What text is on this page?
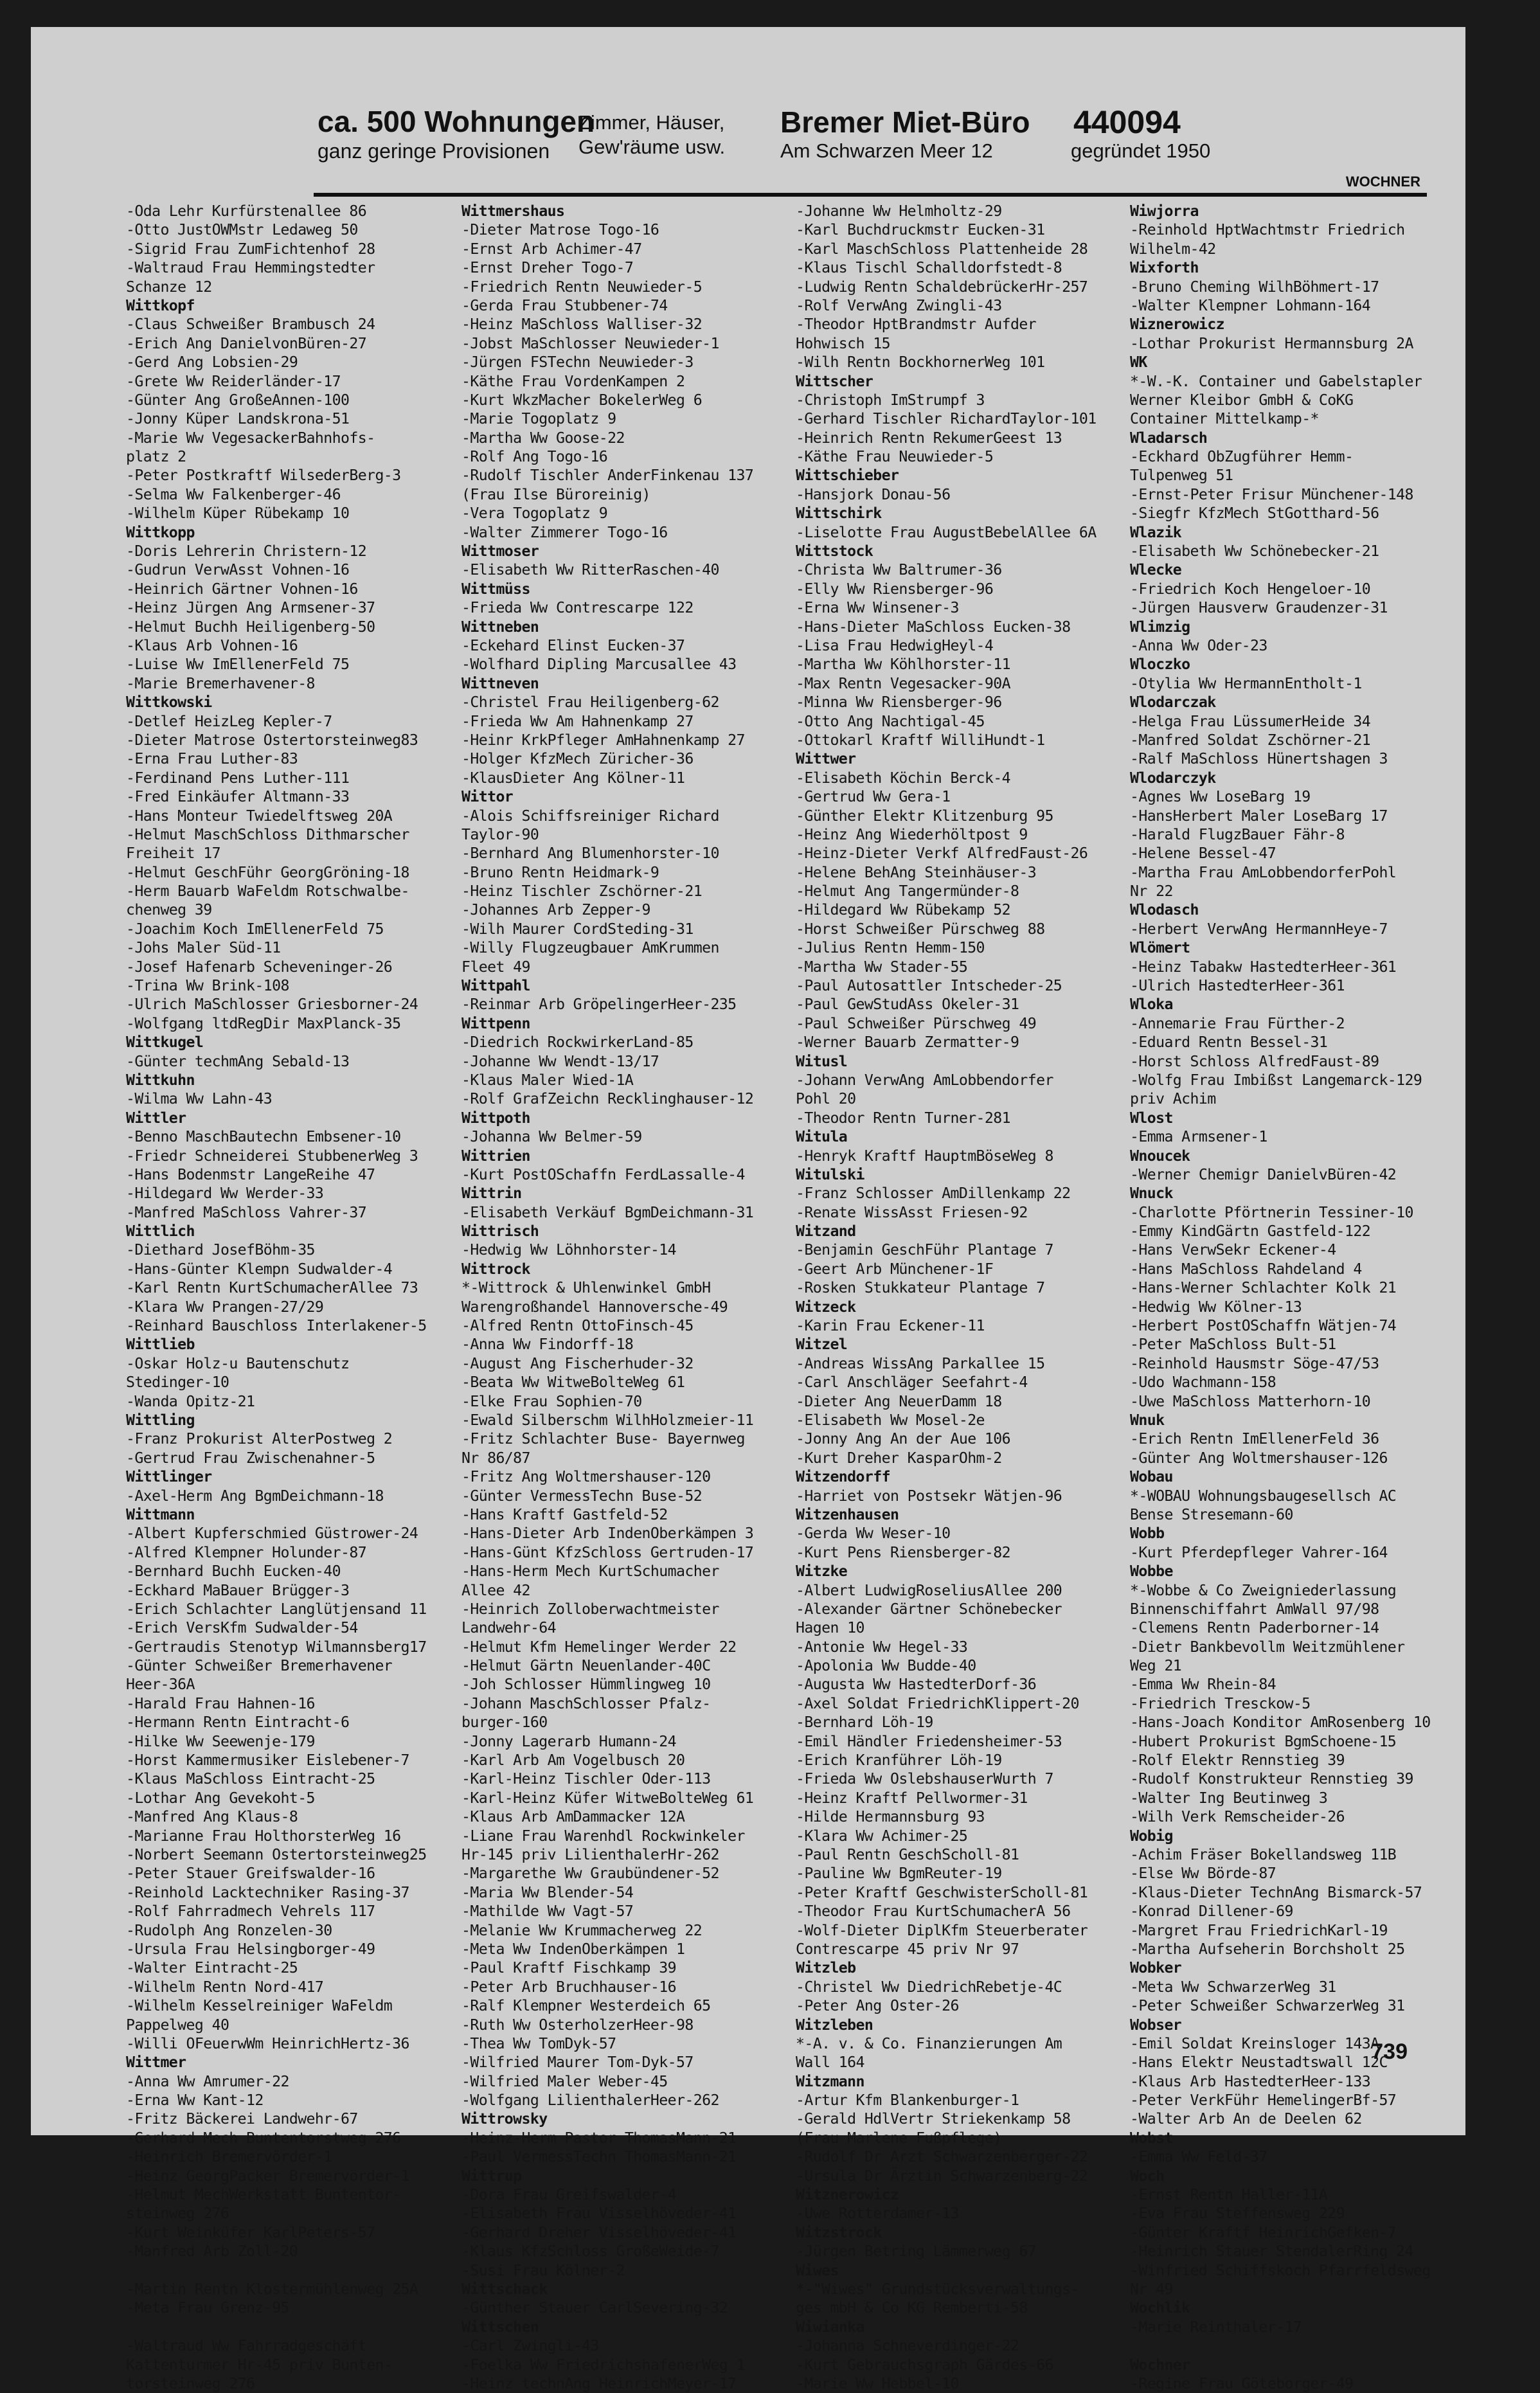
ca. 500 Wohnungen
ganz geringe Provisionen
Zimmer, Häuser,
Gew'räume usw.
Bremer Miet-Büro
Am Schwarzen Meer 12
440094
gegründet 1950
WOCHNER
-Oda Lehr Kurfürstenallee 86
-Otto JustOWMstr Ledaweg 50
-Sigrid Frau ZumFichtenhof 28
-Waltraud Frau Hemmingstedter
Schanze 12
Wittkopf
-Claus Schweißer Brambusch 24
-Erich Ang DanielvonBüren-27
-Gerd Ang Lobsien-29
-Grete Ww Reiderländer-17
-Günter Ang GroßeAnnen-100
-Jonny Küper Landskrona-51
-Marie Ww VegesackerBahnhofs-
platz 2
-Peter Postkraftf WilsederBerg-3
-Selma Ww Falkenberger-46
-Wilhelm Küper Rübekamp 10
Wittkopp
-Doris Lehrerin Christern-12
-Gudrun VerwAsst Vohnen-16
-Heinrich Gärtner Vohnen-16
-Heinz Jürgen Ang Armsener-37
-Helmut Buchh Heiligenberg-50
-Klaus Arb Vohnen-16
-Luise Ww ImEllenerFeld 75
-Marie Bremerhavener-8
Wittkowski
-Detlef HeizLeg Kepler-7
-Dieter Matrose Ostertorsteinweg83
-Erna Frau Luther-83
-Ferdinand Pens Luther-111
-Fred Einkäufer Altmann-33
-Hans Monteur Twiedelftsweg 20A
-Helmut MaschSchloss Dithmarscher
Freiheit 17
-Helmut GeschFühr GeorgGröning-18
-Herm Bauarb WaFeldm Rotschwalbe-
chenweg 39
-Joachim Koch ImEllenerFeld 75
-Johs Maler Süd-11
-Josef Hafenarb Scheveninger-26
-Trina Ww Brink-108
-Ulrich MaSchlosser Griesborner-24
-Wolfgang ltdRegDir MaxPlanck-35
Wittkugel
-Günter techmAng Sebald-13
Wittkuhn
-Wilma Ww Lahn-43
Wittler
-Benno MaschBautechn Embsener-10
-Friedr Schneiderei StubbenerWeg 3
-Hans Bodenmstr LangeReihe 47
-Hildegard Ww Werder-33
-Manfred MaSchloss Vahrer-37
Wittlich
-Diethard JosefBöhm-35
-Hans-Günter Klempn Sudwalder-4
-Karl Rentn KurtSchumacherAllee 73
-Klara Ww Prangen-27/29
-Reinhard Bauschloss Interlakener-5
Wittlieb
-Oskar Holz-u Bautenschutz
Stedinger-10
-Wanda Opitz-21
Wittling
-Franz Prokurist AlterPostweg 2
-Gertrud Frau Zwischenahner-5
Wittlinger
-Axel-Herm Ang BgmDeichmann-18
Wittmann
-Albert Kupferschmied Güstrower-24
-Alfred Klempner Holunder-87
-Bernhard Buchh Eucken-40
-Eckhard MaBauer Brügger-3
-Erich Schlachter Langlütjensand 11
-Erich VersKfm Sudwalder-54
-Gertraudis Stenotyp Wilmannsberg17
-Günter Schweißer Bremerhavener
Heer-36A
-Harald Frau Hahnen-16
-Hermann Rentn Eintracht-6
-Hilke Ww Seewenje-179
-Horst Kammermusiker Eislebener-7
-Klaus MaSchloss Eintracht-25
-Lothar Ang Gevekoht-5
-Manfred Ang Klaus-8
-Marianne Frau HolthorsterWeg 16
-Norbert Seemann Ostertorsteinweg25
-Peter Stauer Greifswalder-16
-Reinhold Lacktechniker Rasing-37
-Rolf Fahrradmech Vehrels 117
-Rudolph Ang Ronzelen-30
-Ursula Frau Helsingborger-49
-Walter Eintracht-25
-Wilhelm Rentn Nord-417
-Wilhelm Kesselreiniger WaFeldm
Pappelweg 40
-Willi OFeuerwWm HeinrichHertz-36
Wittmer
-Anna Ww Amrumer-22
-Erna Ww Kant-12
-Fritz Bäckerei Landwehr-67
-Gerhard Mech Buntentorstweg 276
-Heinrich Bremervörder-1
-Heinz GeorgPacker Bremervörder-1
-Helmut MechWerkstatt Buntentor-
steinweg 276
-Kurt Weinküfer KarlPeters-57
-Manfred Arb Zoll-20
-Martin Rentn Klostermühlenweg 25A
-Meta Frau Grenz-95
-Waltraud Ww Fahrradgeschäft
Kattenturmer Hr-45 priv Bunten-
torsteinweg 276
Wittmershaus
-Dieter Matrose Togo-16
-Ernst Arb Achimer-47
-Ernst Dreher Togo-7
-Friedrich Rentn Neuwieder-5
-Gerda Frau Stubbener-74
-Heinz MaSchloss Walliser-32
-Jobst MaSchlosser Neuwieder-1
-Jürgen FSTechn Neuwieder-3
-Käthe Frau VordenKampen 2
-Kurt WkzMacher BokelerWeg 6
-Marie Togoplatz 9
-Martha Ww Goose-22
-Rolf Ang Togo-16
-Rudolf Tischler AnderFinkenau 137
(Frau Ilse Büroreinig)
-Vera Togoplatz 9
-Walter Zimmerer Togo-16
Wittmoser
-Elisabeth Ww RitterRaschen-40
Wittmüss
-Frieda Ww Contrescarpe 122
Wittneben
-Eckehard Elinst Eucken-37
-Wolfhard Dipling Marcusallee 43
Wittneven
-Christel Frau Heiligenberg-62
-Frieda Ww Am Hahnenkamp 27
-Heinr KrkPfleger AmHahnenkamp 27
-Holger KfzMech Züricher-36
-KlausDieter Ang Kölner-11
Wittor
-Alois Schiffsreiniger Richard
Taylor-90
-Bernhard Ang Blumenhorster-10
-Bruno Rentn Heidmark-9
-Heinz Tischler Zschörner-21
-Johannes Arb Zepper-9
-Wilh Maurer CordSteding-31
-Willy Flugzeugbauer AmKrummen
Fleet 49
Wittpahl
-Reinmar Arb GröpelingerHeer-235
Wittpenn
-Diedrich RockwirkerLand-85
-Johanne Ww Wendt-13/17
-Klaus Maler Wied-1A
-Rolf GrafZeichn Recklinghauser-12
Wittpoth
-Johanna Ww Belmer-59
Wittrien
-Kurt PostOSchaffn FerdLassalle-4
Wittrin
-Elisabeth Verkäuf BgmDeichmann-31
Wittrisch
-Hedwig Ww Löhnhorster-14
Wittrock
*-Wittrock & Uhlenwinkel GmbH
Warengroßhandel Hannoversche-49
-Alfred Rentn OttoFinsch-45
-Anna Ww Findorff-18
-August Ang Fischerhuder-32
-Beata Ww WitweBolteWeg 61
-Elke Frau Sophien-70
-Ewald Silberschm WilhHolzmeier-11
-Fritz Schlachter Buse- Bayernweg
Nr 86/87
-Fritz Ang Woltmershauser-120
-Günter VermessTechn Buse-52
-Hans Kraftf Gastfeld-52
-Hans-Dieter Arb IndenOberkämpen 3
-Hans-Günt KfzSchloss Gertruden-17
-Hans-Herm Mech KurtSchumacher
Allee 42
-Heinrich Zolloberwachtmeister
Landwehr-64
-Helmut Kfm Hemelinger Werder 22
-Helmut Gärtn Neuenlander-40C
-Joh Schlosser Hümmlingweg 10
-Johann MaschSchlosser Pfalz-
burger-160
-Jonny Lagerarb Humann-24
-Karl Arb Am Vogelbusch 20
-Karl-Heinz Tischler Oder-113
-Karl-Heinz Küfer WitweBolteWeg 61
-Klaus Arb AmDammacker 12A
-Liane Frau Warenhdl Rockwinkeler
Hr-145 priv LilienthalerHr-262
-Margarethe Ww Graubündener-52
-Maria Ww Blender-54
-Mathilde Ww Vagt-57
-Melanie Ww Krummacherweg 22
-Meta Ww IndenOberkämpen 1
-Paul Kraftf Fischkamp 39
-Peter Arb Bruchhauser-16
-Ralf Klempner Westerdeich 65
-Ruth Ww OsterholzerHeer-98
-Thea Ww TomDyk-57
-Wilfried Maurer Tom-Dyk-57
-Wilfried Maler Weber-45
-Wolfgang LilienthalerHeer-262
Wittrowsky
-Heinz-Herm Pastor ThomasMann-21
-Paul VermessTechn ThomasMann-21
Wittrup
-Dora Frau Greifswalder-4
-Elisabeth Frau Visselhöveder-41
-Gerhard Dreher Visselhöveder-41
-Klaus KfzSchloss GroßeWeide-7
-Susi Frau Kölner-2
Wittschack
-Günther Stauer CarlSevering-32
Wittschen
-Carl Zwingli-43
-Foelka Ww FriedrichshafenerWeg 1
-Heinz technAng HeinrichMeyer-17
-Johanne Ww Helmholtz-29
-Karl Buchdruckmstr Eucken-31
-Karl MaschSchloss Plattenheide 28
-Klaus Tischl Schalldorfstedt-8
-Ludwig Rentn SchaldebrückerHr-257
-Rolf VerwAng Zwingli-43
-Theodor HptBrandmstr Aufder
Hohwisch 15
-Wilh Rentn BockhornerWeg 101
Wittscher
-Christoph ImStrumpf 3
-Gerhard Tischler RichardTaylor-101
-Heinrich Rentn RekumerGeest 13
-Käthe Frau Neuwieder-5
Wittschieber
-Hansjork Donau-56
Wittschirk
-Liselotte Frau AugustBebelAllee 6A
Wittstock
-Christa Ww Baltrumer-36
-Elly Ww Riensberger-96
-Erna Ww Winsener-3
-Hans-Dieter MaSchloss Eucken-38
-Lisa Frau HedwigHeyl-4
-Martha Ww Köhlhorster-11
-Max Rentn Vegesacker-90A
-Minna Ww Riensberger-96
-Otto Ang Nachtigal-45
-Ottokarl Kraftf WilliHundt-1
Wittwer
-Elisabeth Köchin Berck-4
-Gertrud Ww Gera-1
-Günther Elektr Klitzenburg 95
-Heinz Ang Wiederhöltpost 9
-Heinz-Dieter Verkf AlfredFaust-26
-Helene BehAng Steinhäuser-3
-Helmut Ang Tangermünder-8
-Hildegard Ww Rübekamp 52
-Horst Schweißer Pürschweg 88
-Julius Rentn Hemm-150
-Martha Ww Stader-55
-Paul Autosattler Intscheder-25
-Paul GewStudAss Okeler-31
-Paul Schweißer Pürschweg 49
-Werner Bauarb Zermatter-9
Witusl
-Johann VerwAng AmLobbendorfer
Pohl 20
-Theodor Rentn Turner-281
Witula
-Henryk Kraftf HauptmBöseWeg 8
Witulski
-Franz Schlosser AmDillenkamp 22
-Renate WissAsst Friesen-92
Witzand
-Benjamin GeschFühr Plantage 7
-Geert Arb Münchener-1F
-Rosken Stukkateur Plantage 7
Witzeck
-Karin Frau Eckener-11
Witzel
-Andreas WissAng Parkallee 15
-Carl Anschläger Seefahrt-4
-Dieter Ang NeuerDamm 18
-Elisabeth Ww Mosel-2e
-Jonny Ang An der Aue 106
-Kurt Dreher KasparOhm-2
Witzendorff
-Harriet von Postsekr Wätjen-96
Witzenhausen
-Gerda Ww Weser-10
-Kurt Pens Riensberger-82
Witzke
-Albert LudwigRoseliusAllee 200
-Alexander Gärtner Schönebecker
Hagen 10
-Antonie Ww Hegel-33
-Apolonia Ww Budde-40
-Augusta Ww HastedterDorf-36
-Axel Soldat FriedrichKlippert-20
-Bernhard Löh-19
-Emil Händler Friedensheimer-53
-Erich Kranführer Löh-19
-Frieda Ww OslebshauserWurth 7
-Heinz Kraftf Pellwormer-31
-Hilde Hermannsburg 93
-Klara Ww Achimer-25
-Paul Rentn GeschScholl-81
-Pauline Ww BgmReuter-19
-Peter Kraftf GeschwisterScholl-81
-Theodor Frau KurtSchumacherA 56
-Wolf-Dieter DiplKfm Steuerberater
Contrescarpe 45 priv Nr 97
Witzleb
-Christel Ww DiedrichRebetje-4C
-Peter Ang Oster-26
Witzleben
*-A. v. & Co. Finanzierungen Am
Wall 164
Witzmann
-Artur Kfm Blankenburger-1
-Gerald HdlVertr Striekenkamp 58
(Frau Marlene Fußpflege)
-Rudolf Dr Arzt Schwarzenberger-22
-Ursula Dr Ärztin Schwarzenberg-22
Witznerowicz
-Uwe Rotterdamer-13
Witzstrock
-Jürgen Betring Lämmerweg 67
Wiwes
*-"Wiwes" Grundstücksverwaltungs-
ges mbH & Co KG Remberti-58
Wiwianka
-Johanna Schneverdinger-22
-Kurt Gebrauchsgraph Gärdes-66
-Marie Ww Hebbel-10
Wiwjorra
-Reinhold HptWachtmstr Friedrich
Wilhelm-42
Wixforth
-Bruno Cheming WilhBöhmert-17
-Walter Klempner Lohmann-164
Wiznerowicz
-Lothar Prokurist Hermannsburg 2A
WK
*-W.-K. Container und Gabelstapler
Werner Kleibor GmbH & CoKG
Container Mittelkamp-*
Wladarsch
-Eckhard ObZugführer Hemm-
Tulpenweg 51
-Ernst-Peter Frisur Münchener-148
-Siegfr KfzMech StGotthard-56
Wlazik
-Elisabeth Ww Schönebecker-21
Wlecke
-Friedrich Koch Hengeloer-10
-Jürgen Hausverw Graudenzer-31
Wlimzig
-Anna Ww Oder-23
Wloczko
-Otylia Ww HermannEntholt-1
Wlodarczak
-Helga Frau LüssumerHeide 34
-Manfred Soldat Zschörner-21
-Ralf MaSchloss Hünertshagen 3
Wlodarczyk
-Agnes Ww LoseBarg 19
-HansHerbert Maler LoseBarg 17
-Harald FlugzBauer Fähr-8
-Helene Bessel-47
-Martha Frau AmLobbendorferPohl
Nr 22
Wlodasch
-Herbert VerwAng HermannHeye-7
Wlömert
-Heinz Tabakw HastedterHeer-361
-Ulrich HastedterHeer-361
Wloka
-Annemarie Frau Fürther-2
-Eduard Rentn Bessel-31
-Horst Schloss AlfredFaust-89
-Wolfg Frau Imbißst Langemarck-129
priv Achim
Wlost
-Emma Armsener-1
Wnoucek
-Werner Chemigr DanielvBüren-42
Wnuck
-Charlotte Pförtnerin Tessiner-10
-Emmy KindGärtn Gastfeld-122
-Hans VerwSekr Eckener-4
-Hans MaSchloss Rahdeland 4
-Hans-Werner Schlachter Kolk 21
-Hedwig Ww Kölner-13
-Herbert PostOSchaffn Wätjen-74
-Peter MaSchloss Bult-51
-Reinhold Hausmstr Söge-47/53
-Udo Wachmann-158
-Uwe MaSchloss Matterhorn-10
Wnuk
-Erich Rentn ImEllenerFeld 36
-Günter Ang Woltmershauser-126
Wobau
*-WOBAU Wohnungsbaugesellsch AC
Bense Stresemann-60
Wobb
-Kurt Pferdepfleger Vahrer-164
Wobbe
*-Wobbe & Co Zweigniederlassung
Binnenschiffahrt AmWall 97/98
-Clemens Rentn Paderborner-14
-Dietr Bankbevollm Weitzmühlener
Weg 21
-Emma Ww Rhein-84
-Friedrich Tresckow-5
-Hans-Joach Konditor AmRosenberg 10
-Hubert Prokurist BgmSchoene-15
-Rolf Elektr Rennstieg 39
-Rudolf Konstrukteur Rennstieg 39
-Walter Ing Beutinweg 3
-Wilh Verk Remscheider-26
Wobig
-Achim Fräser Bokellandsweg 11B
-Else Ww Börde-87
-Klaus-Dieter TechnAng Bismarck-57
-Konrad Dillener-69
-Margret Frau FriedrichKarl-19
-Martha Aufseherin Borchsholt 25
Wobker
-Meta Ww SchwarzerWeg 31
-Peter Schweißer SchwarzerWeg 31
Wobser
-Emil Soldat Kreinsloger 143A
-Hans Elektr Neustadtswall 12C
-Klaus Arb HastedterHeer-133
-Peter VerkFühr HemelingerBf-57
-Walter Arb An de Deelen 62
Wobst
-Emma Ww Feld-37
Woch
-Ernst Rentn Haller-11A
-Eva Frau Steffensweg 229
-Günter Kraftf HeinrichGefken-7
-Heinrich Stauer StendalerRing 24
-Winfried Schiffskoch Pfarrfeldsweg
Nr 49
Wochlik
-Marie Reinthaler-17
Wochner
-Regine Frau Göteborger-49
739
